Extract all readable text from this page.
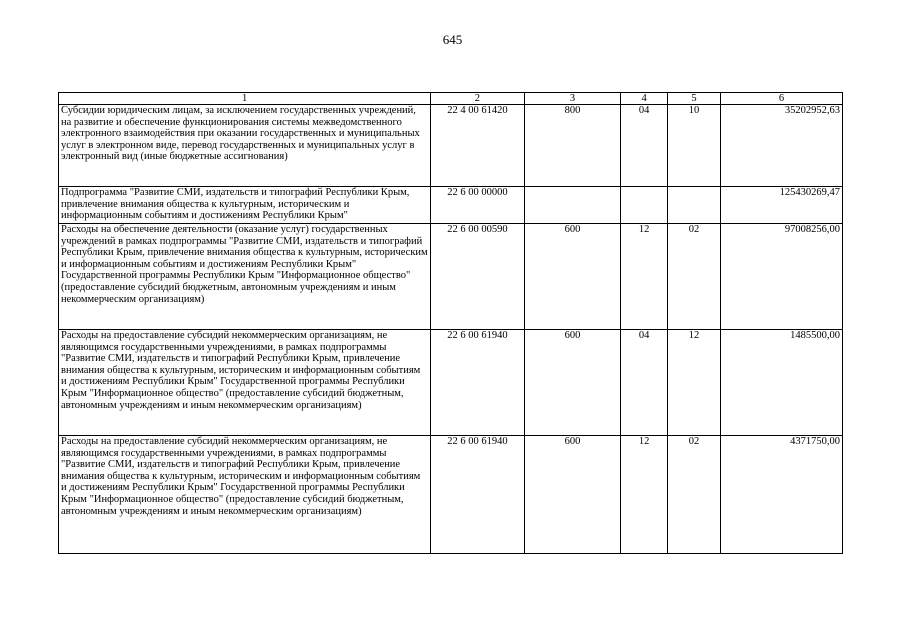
645
1	2	3	4	5	6
Субсидии юридическим лицам, за исключением государственных учреждений, на развитие и обеспечение функционирования системы межведомственного электронного взаимодействия при оказании государственных и муниципальных услуг в электронном виде, перевод государственных и муниципальных услуг в электронный вид (иные бюджетные ассигнования)	22 4 00 61420	800	04	10	35202952,63
Подпрограмма "Развитие СМИ, издательств и типографий Республики Крым, привлечение внимания общества к культурным, историческим и информационным событиям и достижениям Республики Крым"	22 6 00 00000				125430269,47
Расходы на обеспечение деятельности (оказание услуг) государственных учреждений в рамках подпрограммы "Развитие СМИ, издательств и типографий Республики Крым, привлечение внимания общества к культурным, историческим и информационным событиям и достижениям Республики Крым" Государственной программы Республики Крым "Информационное общество" (предоставление субсидий бюджетным, автономным учреждениям и иным некоммерческим организациям)	22 6 00 00590	600	12	02	97008256,00
Расходы на предоставление субсидий некоммерческим организациям, не являющимся государственными учреждениями, в рамках подпрограммы "Развитие СМИ, издательств и типографий Республики Крым, привлечение внимания общества к культурным, историческим и информационным событиям и достижениям Республики Крым" Государственной программы Республики Крым "Информационное общество" (предоставление субсидий бюджетным, автономным учреждениям и иным некоммерческим организациям)	22 6 00 61940	600	04	12	1485500,00
Расходы на предоставление субсидий некоммерческим организациям, не являющимся государственными учреждениями, в рамках подпрограммы "Развитие СМИ, издательств и типографий Республики Крым, привлечение внимания общества к культурным, историческим и информационным событиям и достижениям Республики Крым" Государственной программы Республики Крым "Информационное общество" (предоставление субсидий бюджетным, автономным учреждениям и иным некоммерческим организациям)	22 6 00 61940	600	12	02	4371750,00
